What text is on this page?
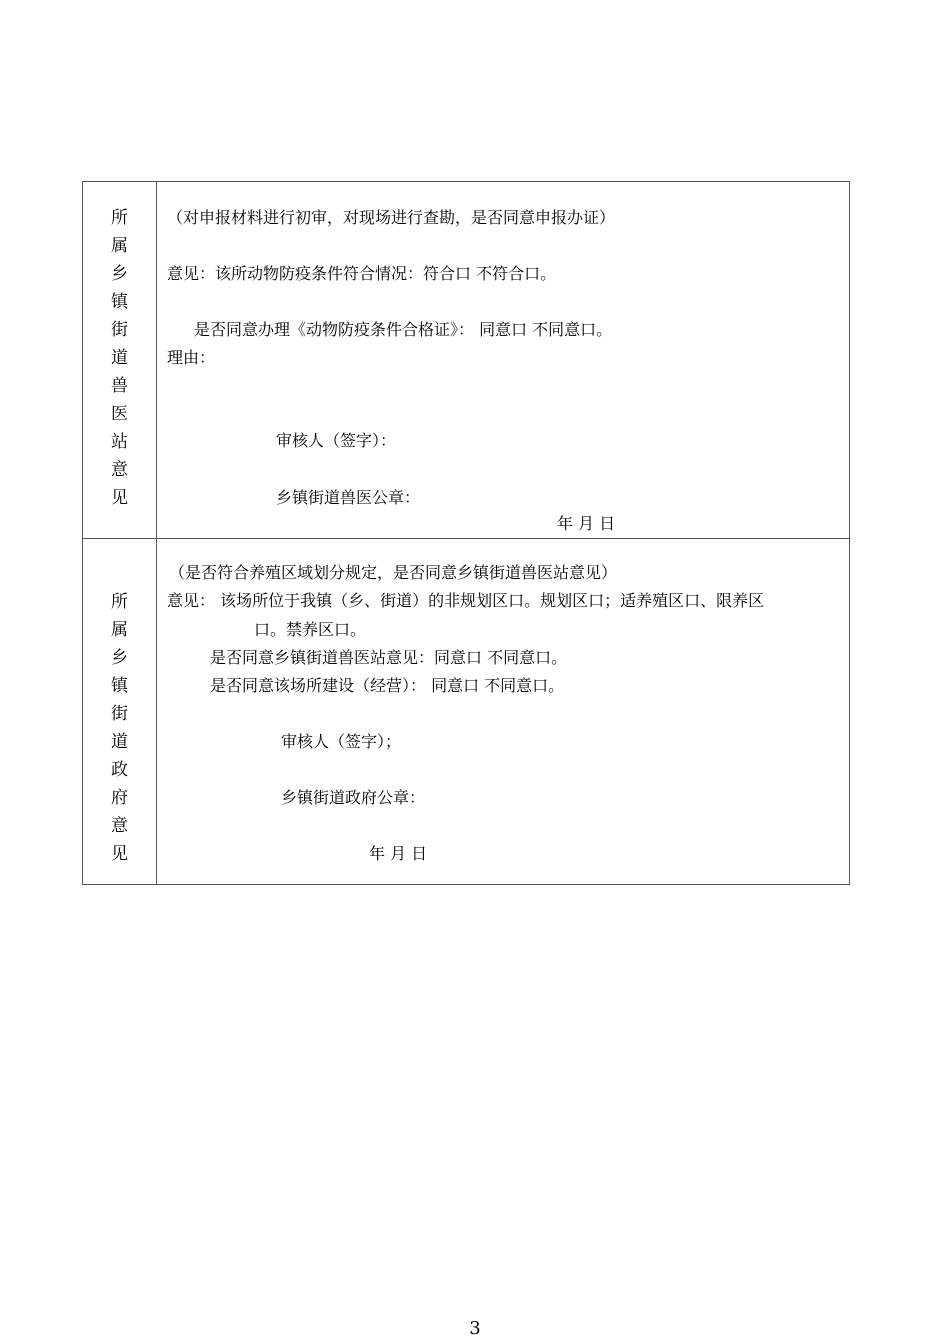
所
属
乡
镇
街
道
兽
医
站
意
见
（对申报材料进行初审，对现场进行查勘，是否同意申报办证）
意见：该所动物防疫条件符合情况：符合口 不符合口。
是否同意办理《动物防疫条件合格证》： 同意口 不同意口。
理由：
审核人（签字）：
乡镇街道兽医公章：
年 月 日
所
属
乡
镇
街
道
政
府
意
见
（是否符合养殖区域划分规定，是否同意乡镇街道兽医站意见）
意见： 该场所位于我镇（乡、街道）的非规划区口。规划区口；适养殖区口、限养区
口。禁养区口。
是否同意乡镇街道兽医站意见：同意口 不同意口。
是否同意该场所建设（经营）： 同意口 不同意口。
审核人（签字）；
乡镇街道政府公章：
年 月 日
3
